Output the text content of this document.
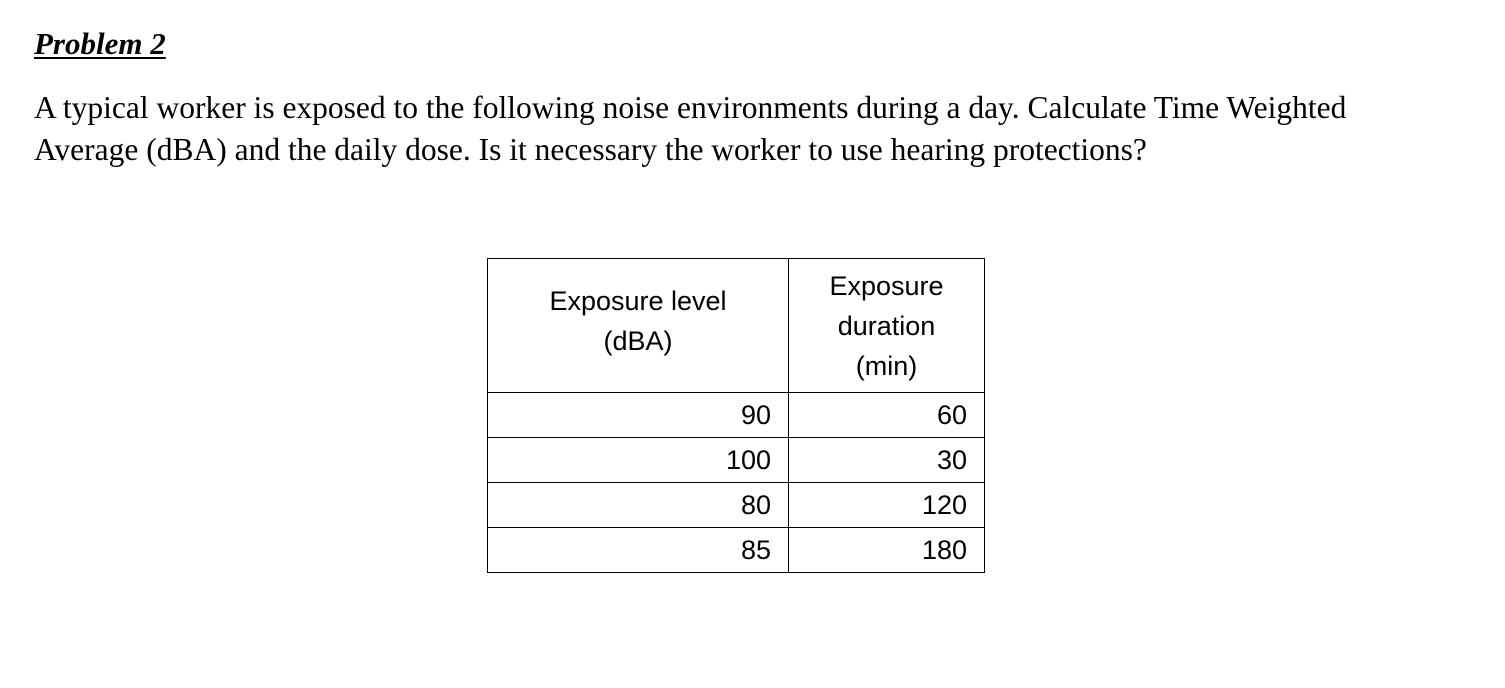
Problem 2

A typical worker is exposed to the following noise environments during a day. Calculate Time Weighted
Average (dBA) and the daily dose. Is it necessary the worker to use hearing protections?

Exposure level
(dBA)	Exposure
duration
(min)

90	60
100	30
80	120
85	180
